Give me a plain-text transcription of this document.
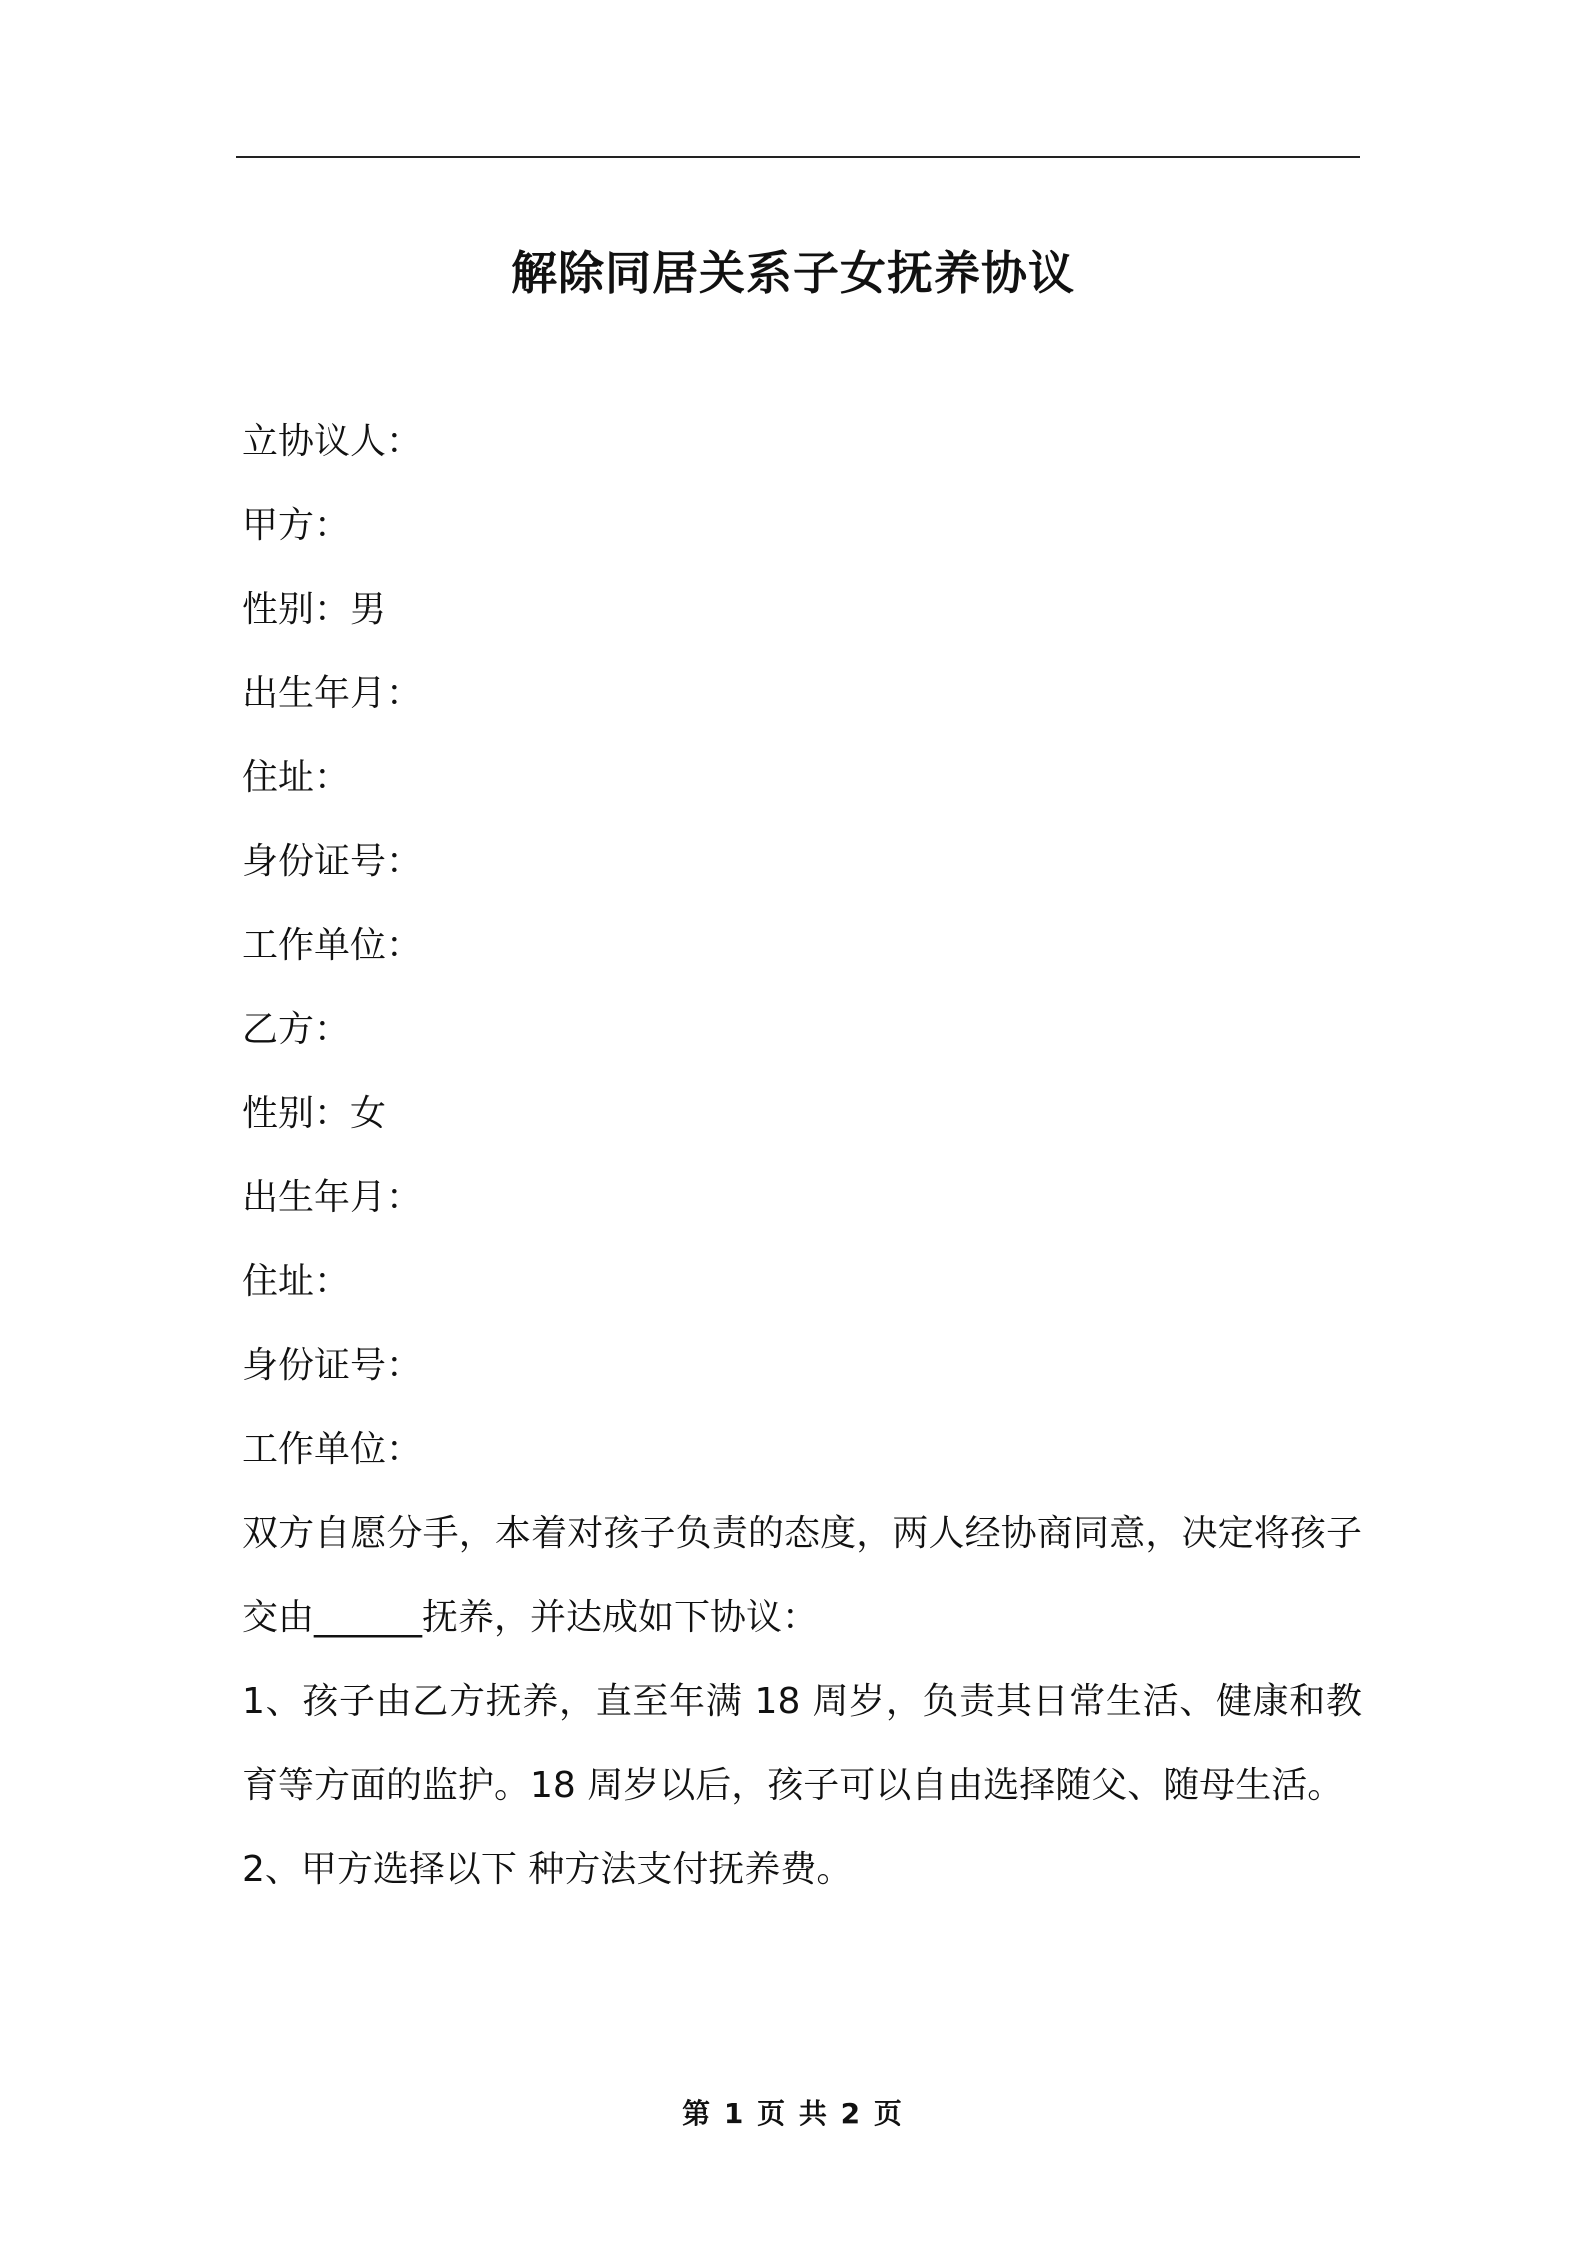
解除同居关系子女抚养协议
立协议人：
甲方：
性别：男
出生年月：
住址：
身份证号：
工作单位：
乙方：
性别：女
出生年月：
住址：
身份证号：
工作单位：
双方自愿分手，本着对孩子负责的态度，两人经协商同意，决定将孩子交由______抚养，并达成如下协议：
1、孩子由乙方抚养，直至年满 18 周岁，负责其日常生活、健康和教育等方面的监护。18 周岁以后，孩子可以自由选择随父、随母生活。
2、甲方选择以下 种方法支付抚养费。
第 1 页 共 2 页
